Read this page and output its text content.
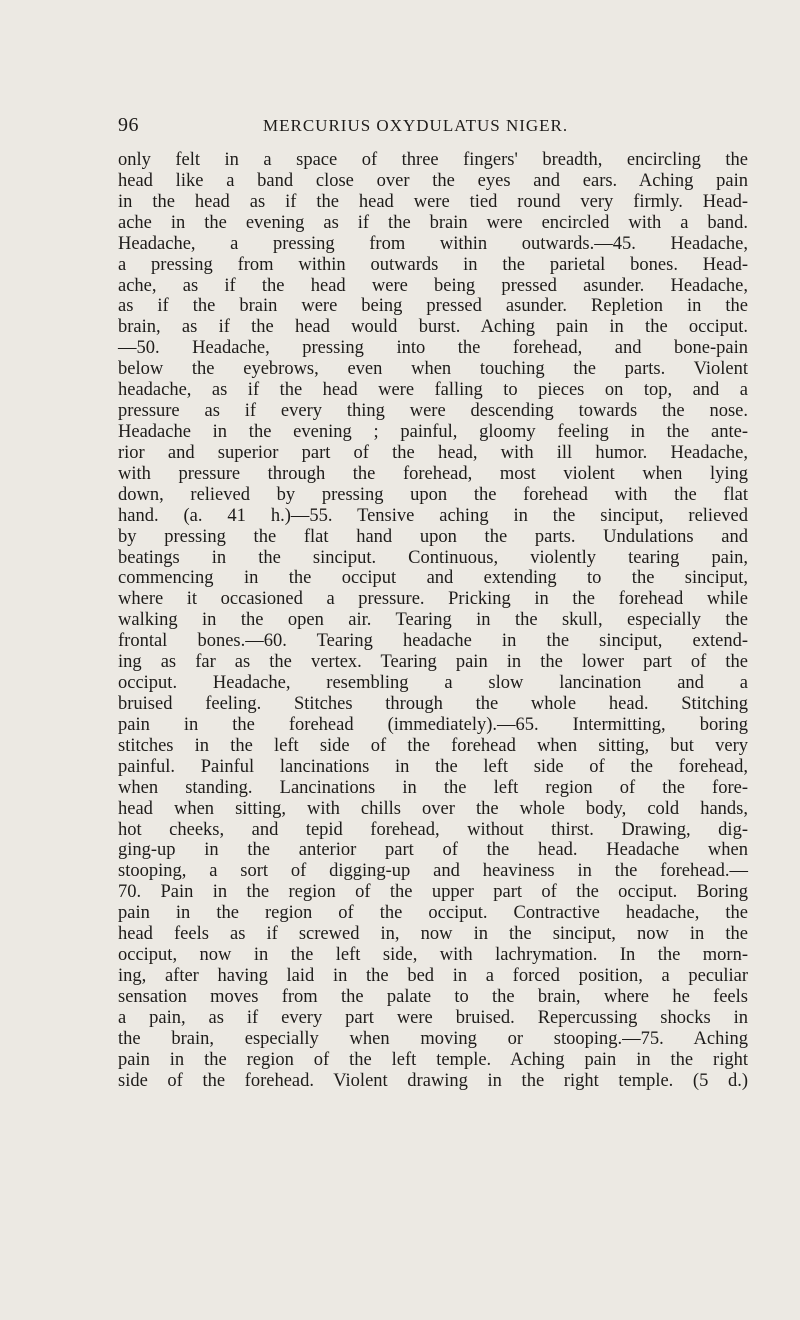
96	MERCURIUS OXYDULATUS NIGER.
only felt in a space of three fingers' breadth, encircling the
head like a band close over the eyes and ears. Aching pain
in the head as if the head were tied round very firmly. Head-
ache in the evening as if the brain were encircled with a band.
Headache, a pressing from within outwards.—45. Headache,
a pressing from within outwards in the parietal bones. Head-
ache, as if the head were being pressed asunder. Headache,
as if the brain were being pressed asunder. Repletion in the
brain, as if the head would burst. Aching pain in the occiput.
—50. Headache, pressing into the forehead, and bone-pain
below the eyebrows, even when touching the parts. Violent
headache, as if the head were falling to pieces on top, and a
pressure as if every thing were descending towards the nose.
Headache in the evening ; painful, gloomy feeling in the ante-
rior and superior part of the head, with ill humor. Headache,
with pressure through the forehead, most violent when lying
down, relieved by pressing upon the forehead with the flat
hand. (a. 41 h.)—55. Tensive aching in the sinciput, relieved
by pressing the flat hand upon the parts. Undulations and
beatings in the sinciput. Continuous, violently tearing pain,
commencing in the occiput and extending to the sinciput,
where it occasioned a pressure. Pricking in the forehead while
walking in the open air. Tearing in the skull, especially the
frontal bones.—60. Tearing headache in the sinciput, extend-
ing as far as the vertex. Tearing pain in the lower part of the
occiput. Headache, resembling a slow lancination and a
bruised feeling. Stitches through the whole head. Stitching
pain in the forehead (immediately).—65. Intermitting, boring
stitches in the left side of the forehead when sitting, but very
painful. Painful lancinations in the left side of the forehead,
when standing. Lancinations in the left region of the fore-
head when sitting, with chills over the whole body, cold hands,
hot cheeks, and tepid forehead, without thirst. Drawing, dig-
ging-up in the anterior part of the head. Headache when
stooping, a sort of digging-up and heaviness in the forehead.—
70. Pain in the region of the upper part of the occiput. Boring
pain in the region of the occiput. Contractive headache, the
head feels as if screwed in, now in the sinciput, now in the
occiput, now in the left side, with lachrymation. In the morn-
ing, after having laid in the bed in a forced position, a peculiar
sensation moves from the palate to the brain, where he feels
a pain, as if every part were bruised. Repercussing shocks in
the brain, especially when moving or stooping.—75. Aching
pain in the region of the left temple. Aching pain in the right
side of the forehead. Violent drawing in the right temple. (5 d.)
